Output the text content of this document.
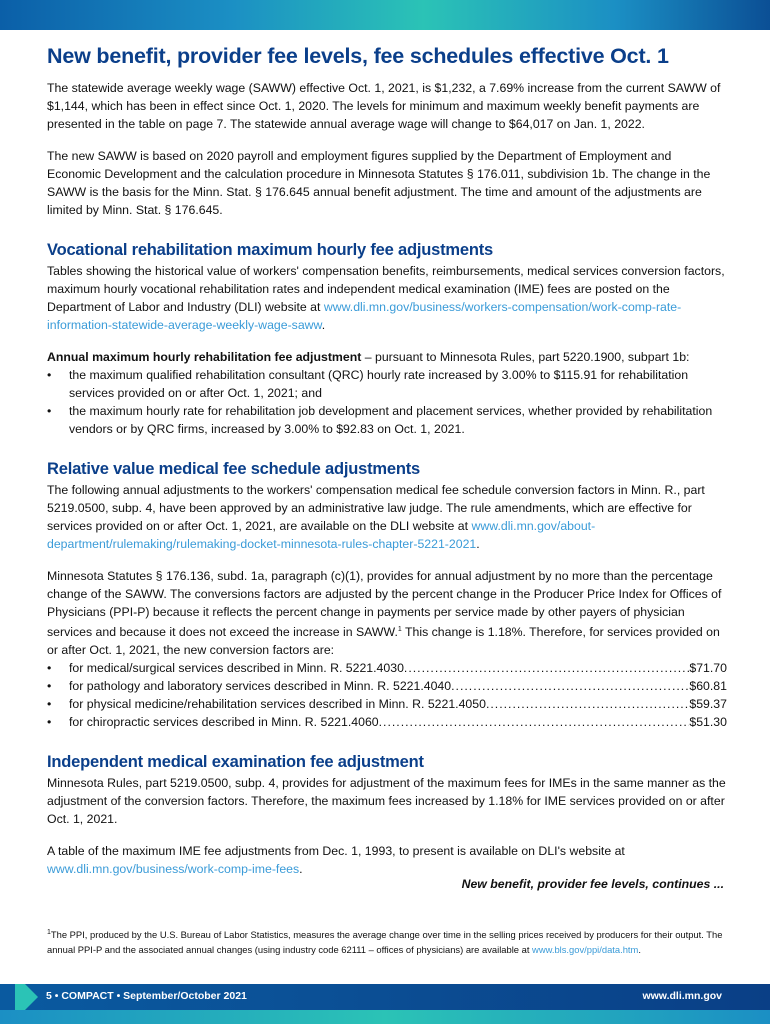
New benefit, provider fee levels, fee schedules effective Oct. 1

The statewide average weekly wage (SAWW) effective Oct. 1, 2021, is $1,232, a 7.69% increase from the current SAWW of $1,144, which has been in effect since Oct. 1, 2020. The levels for minimum and maximum weekly benefit payments are presented in the table on page 7. The statewide annual average wage will change to $64,017 on Jan. 1, 2022.

The new SAWW is based on 2020 payroll and employment figures supplied by the Department of Employment and Economic Development and the calculation procedure in Minnesota Statutes § 176.011, subdivision 1b. The change in the SAWW is the basis for the Minn. Stat. § 176.645 annual benefit adjustment. The time and amount of the adjustments are limited by Minn. Stat. § 176.645.

Vocational rehabilitation maximum hourly fee adjustments

Tables showing the historical value of workers' compensation benefits, reimbursements, medical services conversion factors, maximum hourly vocational rehabilitation rates and independent medical examination (IME) fees are posted on the Department of Labor and Industry (DLI) website at www.dli.mn.gov/business/workers-compensation/work-comp-rate-information-statewide-average-weekly-wage-saww.

Annual maximum hourly rehabilitation fee adjustment – pursuant to Minnesota Rules, part 5220.1900, subpart 1b:

• the maximum qualified rehabilitation consultant (QRC) hourly rate increased by 3.00% to $115.91 for rehabilitation services provided on or after Oct. 1, 2021; and
• the maximum hourly rate for rehabilitation job development and placement services, whether provided by rehabilitation vendors or by QRC firms, increased by 3.00% to $92.83 on Oct. 1, 2021.
Relative value medical fee schedule adjustments

The following annual adjustments to the workers' compensation medical fee schedule conversion factors in Minn. R., part 5219.0500, subp. 4, have been approved by an administrative law judge. The rule amendments, which are effective for services provided on or after Oct. 1, 2021, are available on the DLI website at www.dli.mn.gov/about-department/rulemaking/rulemaking-docket-minnesota-rules-chapter-5221-2021.

Minnesota Statutes § 176.136, subd. 1a, paragraph (c)(1), provides for annual adjustment by no more than the percentage change of the SAWW. The conversions factors are adjusted by the percent change in the Producer Price Index for Offices of Physicians (PPI-P) because it reflects the percent change in payments per service made by other payers of physician services and because it does not exceed the increase in SAWW.$^1$ This change is 1.18%. Therefore, for services provided on or after Oct. 1, 2021, the new conversion factors are:

• for medical/surgical services described in Minn. R. 5221.4030 .....	$71.70
• for pathology and laboratory services described in Minn. R. 5221.4040 .....	$60.81
• for physical medicine/rehabilitation services described in Minn. R. 5221.4050 .....	$59.37
• for chiropractic services described in Minn. R. 5221.4060 .....	$51.30
Independent medical examination fee adjustment

Minnesota Rules, part 5219.0500, subp. 4, provides for adjustment of the maximum fees for IMEs in the same manner as the adjustment of the conversion factors. Therefore, the maximum fees increased by 1.18% for IME services provided on or after Oct. 1, 2021.

A table of the maximum IME fee adjustments from Dec. 1, 1993, to present is available on DLI's website at www.dli.mn.gov/business/work-comp-ime-fees.

New benefit, provider fee levels, continues ...
$^1$The PPI, produced by the U.S. Bureau of Labor Statistics, measures the average change over time in the selling prices received by producers for their output. The annual PPI-P and the associated annual changes (using industry code 62111 – offices of physicians) are available at www.bls.gov/ppi/data.htm.
5 • COMPACT • September/October 2021	www.dli.mn.gov
